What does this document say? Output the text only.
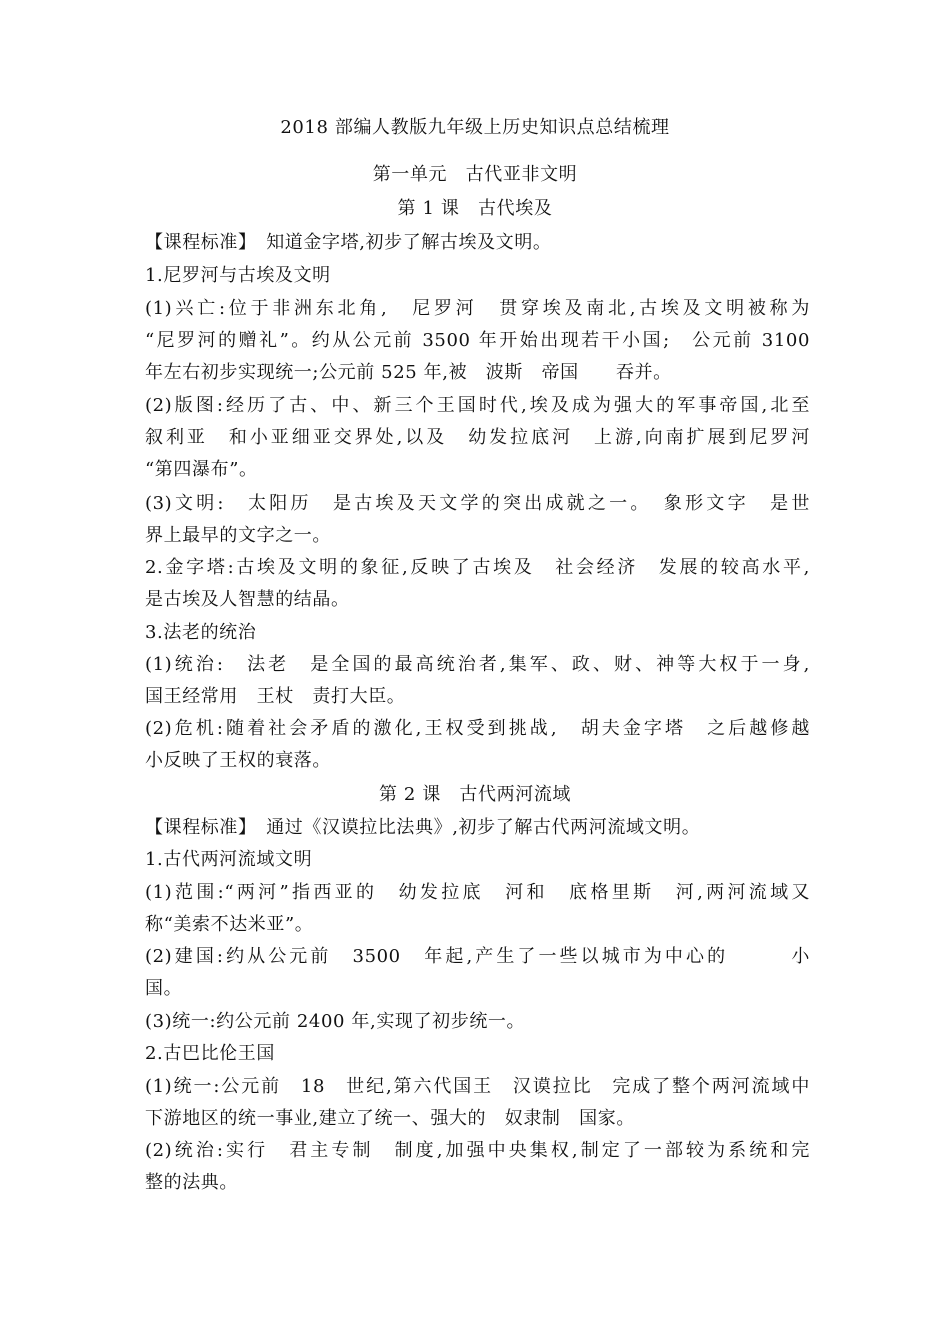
2018 部编人教版九年级上历史知识点总结梳理
第一单元　古代亚非文明
第 1 课　古代埃及
【课程标准】　知道金字塔,初步了解古埃及文明。
1.尼罗河与古埃及文明
(1)兴亡:位于非洲东北角,　尼罗河　贯穿埃及南北,古埃及文明被称为
“尼罗河的赠礼”。约从公元前 3500 年开始出现若干小国;　公元前 3100
年左右初步实现统一;公元前 525 年,被　波斯　帝国　　吞并。
(2)版图:经历了古、中、新三个王国时代,埃及成为强大的军事帝国,北至
叙利亚　和小亚细亚交界处,以及　幼发拉底河　上游,向南扩展到尼罗河
“第四瀑布”。
(3)文明:　太阳历　是古埃及天文学的突出成就之一。　象形文字　是世
界上最早的文字之一。
2.金字塔:古埃及文明的象征,反映了古埃及　社会经济　发展的较高水平,
是古埃及人智慧的结晶。
3.法老的统治
(1)统治:　法老　是全国的最高统治者,集军、政、财、神等大权于一身,
国王经常用　王杖　责打大臣。
(2)危机:随着社会矛盾的激化,王权受到挑战,　胡夫金字塔　之后越修越
小反映了王权的衰落。
第 2 课　古代两河流域
【课程标准】　通过《汉谟拉比法典》,初步了解古代两河流域文明。
1.古代两河流域文明
(1)范围:“两河”指西亚的　幼发拉底　河和　底格里斯　河,两河流域又
称“美索不达米亚”。
(2)建国:约从公元前　3500　年起,产生了一些以城市为中心的　　　小
国。
(3)统一:约公元前 2400 年,实现了初步统一。
2.古巴比伦王国
(1)统一:公元前　18　世纪,第六代国王　汉谟拉比　完成了整个两河流域中
下游地区的统一事业,建立了统一、强大的　奴隶制　国家。
(2)统治:实行　君主专制　制度,加强中央集权,制定了一部较为系统和完
整的法典。
